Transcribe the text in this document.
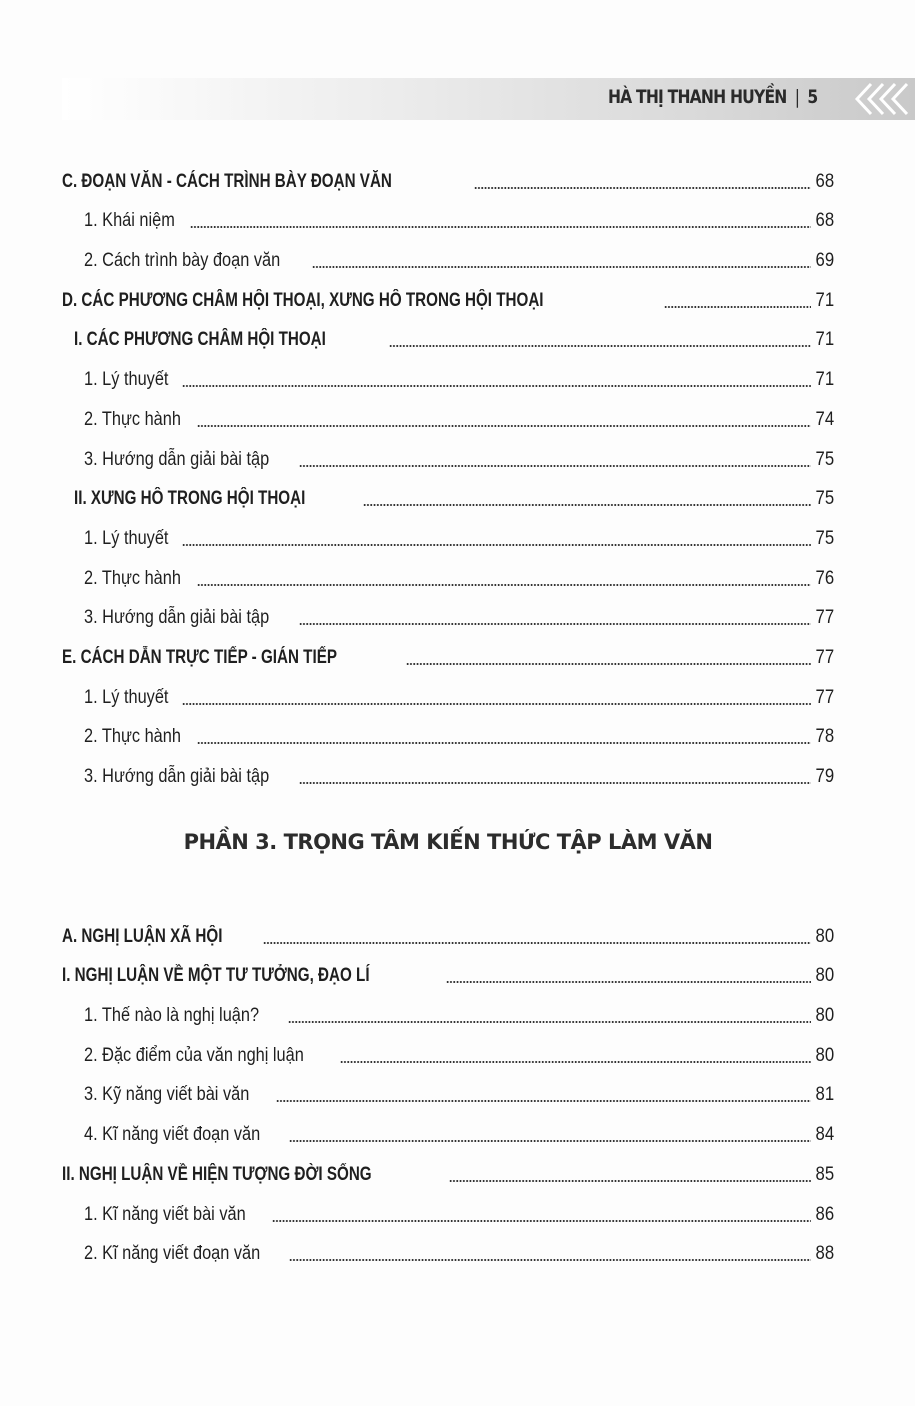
HÀ THỊ THANH HUYỀN | 5
C. ĐOẠN VĂN - CÁCH TRÌNH BÀY ĐOẠN VĂN	68
1. Khái niệm	68
2. Cách trình bày đoạn văn	69
D. CÁC PHƯƠNG CHÂM HỘI THOẠI, XƯNG HÔ TRONG HỘI THOẠI	71
I. CÁC PHƯƠNG CHÂM HỘI THOẠI	71
1. Lý thuyết	71
2. Thực hành	74
3. Hướng dẫn giải bài tập	75
II. XƯNG HÔ TRONG HỘI THOẠI	75
1. Lý thuyết	75
2. Thực hành	76
3. Hướng dẫn giải bài tập	77
E. CÁCH DẪN TRỰC TIẾP - GIÁN TIẾP	77
1. Lý thuyết	77
2. Thực hành	78
3. Hướng dẫn giải bài tập	79
PHẦN 3. TRỌNG TÂM KIẾN THỨC TẬP LÀM VĂN
A. NGHỊ LUẬN XÃ HỘI	80
I. NGHỊ LUẬN VỀ MỘT TƯ TƯỞNG, ĐẠO LÍ	80
1. Thế nào là nghị luận?	80
2. Đặc điểm của văn nghị luận	80
3. Kỹ năng viết bài văn	81
4. Kĩ năng viết đoạn văn	84
II. NGHỊ LUẬN VỀ HIỆN TƯỢNG ĐỜI SỐNG	85
1. Kĩ năng viết bài văn	86
2. Kĩ năng viết đoạn văn	88
